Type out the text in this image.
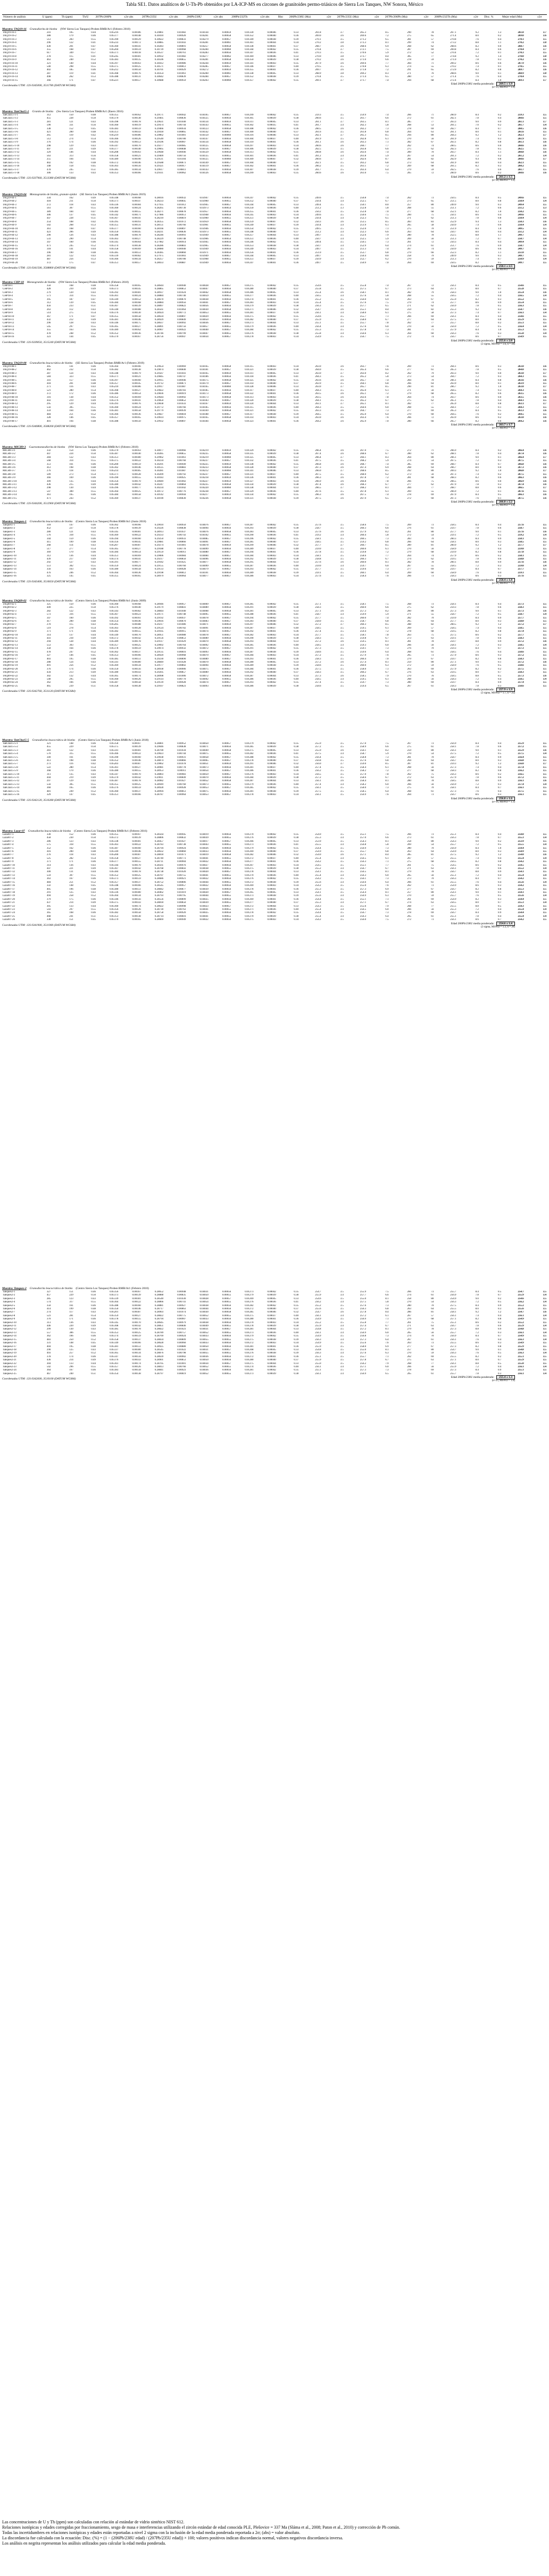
Tabla SE1. Datos analíticos de U-Th-Pb obtenidos por LA-ICP-MS en circones de granitoides permo-triásicos de Sierra Los Tanques, NW Sonora, México
Número de análisis	U (ppm)	Th (ppm)	Th/U	207Pb/206Pb	±2σ abs	207Pb/235U	±2σ abs	206Pb/238U	±2σ abs	208Pb/232Th	±2σ abs	Rho	206Pb/238U (Ma)	±2σ	207Pb/235U (Ma)	±2σ	207Pb/206Pb (Ma)	±2σ	208Pb/232Th (Ma)	±2σ	Disc. %	Mejor edad (Ma)	±2σ
Muestra: TAQ19-16 Granodiorita de biotita (NW Sierra Los Tanques) Proben RMB/Ar1 (Febrero 2018)
TAQ19-16-1	241	105	0.44	0.05216	0.00186	0.29861	0.01082	0.04144	0.00059	0.01330	0.00046	0.33	261.8	3.7	265.3	8.5	290	78	267.1	9.2	1.3	261.8	3.7
TAQ19-16-2	388	179	0.46	0.05177	0.00148	0.30410	0.00920	0.04261	0.00058	0.01352	0.00040	0.36	269.0	3.6	269.6	7.2	275	65	271.4	8.0	0.2	269.0	3.6
TAQ19-16-3	512	283	0.55	0.05190	0.00129	0.30622	0.00833	0.04279	0.00057	0.01349	0.00038	0.39	270.1	3.5	271.2	6.5	281	57	270.8	7.6	0.4	270.1	3.5
TAQ19-16-4	296	122	0.41	0.05233	0.00172	0.30885	0.01043	0.04281	0.00061	0.01361	0.00044	0.34	270.2	3.8	273.3	8.1	299	74	273.2	8.8	1.1	270.2	3.8
TAQ19-16-5	430	201	0.47	0.05160	0.00141	0.30283	0.00891	0.04257	0.00058	0.01338	0.00041	0.37	268.7	3.6	268.6	6.9	268	62	268.6	8.2	0.0	268.7	3.6
TAQ19-16-6	355	168	0.47	0.05204	0.00159	0.30739	0.00968	0.04284	0.00060	0.01344	0.00042	0.35	270.4	3.7	272.1	7.5	287	69	269.8	8.4	0.6	270.4	3.7
TAQ19-16-7	617	349	0.57	0.05171	0.00118	0.30537	0.00761	0.04283	0.00056	0.01347	0.00036	0.41	270.3	3.5	270.6	5.9	272	52	270.4	7.2	0.1	270.3	3.5
TAQ19-16-8	278	115	0.41	0.05245	0.00181	0.30932	0.01082	0.04277	0.00062	0.01369	0.00046	0.33	270.0	3.8	273.7	8.4	305	77	274.8	9.2	1.4	270.0	3.8
TAQ19-16-9	463	240	0.52	0.05183	0.00135	0.30596	0.00855	0.04281	0.00058	0.01350	0.00039	0.38	270.2	3.6	271.0	6.6	278	59	271.0	7.8	0.3	270.2	3.6
TAQ19-16-10	321	140	0.44	0.05197	0.00163	0.30412	0.00986	0.04244	0.00059	0.01341	0.00043	0.35	267.9	3.6	269.6	7.7	284	71	269.2	8.6	0.6	267.9	3.6
TAQ19-16-11	540	298	0.55	0.05175	0.00125	0.30571	0.00812	0.04285	0.00057	0.01346	0.00037	0.40	270.5	3.5	270.8	6.3	274	55	270.2	7.4	0.1	270.5	3.5
TAQ19-16-12	402	185	0.46	0.05212	0.00150	0.30701	0.00929	0.04272	0.00059	0.01355	0.00041	0.36	269.7	3.6	271.8	7.2	291	65	272.0	8.2	0.8	269.7	3.6
TAQ19-16-13	287	119	0.41	0.05168	0.00176	0.30354	0.01061	0.04260	0.00061	0.01338	0.00045	0.33	268.9	3.8	269.2	8.3	271	76	268.6	9.0	0.1	268.9	3.8
TAQ19-16-14	498	262	0.53	0.05188	0.00131	0.30642	0.00839	0.04284	0.00057	0.01352	0.00038	0.39	270.4	3.5	271.4	6.5	280	57	271.4	7.6	0.4	270.4	3.5
TAQ19-16-15	366	171	0.47	0.05221	0.00157	0.30688	0.00959	0.04263	0.00060	0.01357	0.00042	0.35	269.1	3.7	271.7	7.4	294	68	272.4	8.4	1.0	269.1	3.7
Coordenadas UTM: 12S 0345000, 3511700 (DATUM WGS84)
Edad 206Pb/238U media ponderada: 269.5 ± 1.9
(n=15, MSWD = 1.9)
Muestra: TanCha15-1 Granito de biotita (Sw Sierra Los Tanques) Proben RMB/Ar1 (Enero 2016)
TanCha15-1-1	312	150	0.48	0.05155	0.00162	0.29171	0.00942	0.04105	0.00057	0.01299	0.00042	0.35	259.3	3.5	259.9	7.4	266	71	260.9	8.4	0.2	259.3	3.5
TanCha15-1-2	455	228	0.50	0.05170	0.00138	0.29405	0.00836	0.04125	0.00056	0.01305	0.00039	0.38	260.6	3.5	261.7	6.6	272	61	262.1	7.8	0.4	260.6	3.5
TanCha15-1-3	281	121	0.43	0.05198	0.00178	0.29631	0.01040	0.04134	0.00059	0.01311	0.00045	0.33	261.1	3.7	263.5	8.1	285	77	263.3	9.0	0.9	261.1	3.7
TanCha15-1-4	590	331	0.56	0.05160	0.00119	0.29474	0.00744	0.04143	0.00055	0.01302	0.00035	0.41	261.7	3.4	262.3	5.8	268	53	261.5	7.0	0.2	261.7	3.4
TanCha15-1-5	338	152	0.45	0.05183	0.00159	0.29466	0.00934	0.04123	0.00058	0.01308	0.00042	0.36	260.5	3.6	262.2	7.3	278	69	262.7	8.4	0.7	260.5	3.6
TanCha15-1-6	421	200	0.48	0.05151	0.00143	0.29418	0.00865	0.04142	0.00057	0.01300	0.00040	0.37	261.6	3.5	261.8	6.8	264	63	261.1	8.0	0.1	261.6	3.5
TanCha15-1-7	265	110	0.42	0.05219	0.00186	0.29862	0.01081	0.04150	0.00060	0.01316	0.00046	0.33	262.1	3.7	265.3	8.5	294	80	264.3	9.2	1.2	262.1	3.7
TanCha15-1-8	512	274	0.54	0.05166	0.00126	0.29540	0.00780	0.04147	0.00056	0.01304	0.00037	0.40	261.9	3.5	262.8	6.1	270	56	261.9	7.4	0.3	261.9	3.5
TanCha15-1-9	376	174	0.46	0.05192	0.00153	0.29596	0.00907	0.04134	0.00058	0.01310	0.00041	0.36	261.1	3.6	263.3	7.1	282	67	263.1	8.2	0.8	261.1	3.6
TanCha15-1-10	298	129	0.43	0.05147	0.00170	0.29277	0.00985	0.04125	0.00058	0.01297	0.00043	0.34	260.6	3.6	260.7	7.7	262	74	260.5	8.6	0.0	260.6	3.6
TanCha15-1-11	447	221	0.49	0.05177	0.00140	0.29665	0.00848	0.04156	0.00057	0.01306	0.00039	0.38	262.5	3.5	263.8	6.6	275	62	262.3	7.8	0.5	262.5	3.5
TanCha15-1-12	329	146	0.44	0.05208	0.00163	0.29648	0.00946	0.04129	0.00058	0.01313	0.00042	0.35	260.8	3.6	263.6	7.4	289	70	263.7	8.4	1.1	260.8	3.6
TanCha15-1-13	563	313	0.56	0.05158	0.00121	0.29409	0.00756	0.04135	0.00055	0.01301	0.00036	0.41	261.2	3.4	261.8	5.9	267	54	261.3	7.2	0.2	261.2	3.4
TanCha15-1-14	255	104	0.41	0.05189	0.00190	0.29511	0.01104	0.04125	0.00060	0.01309	0.00047	0.32	260.6	3.7	262.6	8.7	281	82	262.9	9.4	0.8	260.6	3.7
TanCha15-1-15	402	192	0.48	0.05172	0.00146	0.29588	0.00873	0.04149	0.00057	0.01304	0.00040	0.37	262.1	3.5	263.2	6.8	273	64	261.9	8.0	0.4	262.1	3.5
TanCha15-1-16	348	158	0.45	0.05163	0.00156	0.29321	0.00917	0.04119	0.00057	0.01302	0.00041	0.36	260.2	3.5	261.1	7.2	269	68	261.5	8.2	0.3	260.2	3.5
TanCha15-1-17	478	245	0.51	0.05185	0.00134	0.29617	0.00811	0.04143	0.00056	0.01307	0.00038	0.39	261.7	3.5	263.4	6.4	279	59	262.5	7.6	0.6	261.7	3.5
TanCha15-1-18	306	133	0.43	0.05153	0.00166	0.29311	0.00962	0.04126	0.00058	0.01299	0.00043	0.35	260.6	3.6	261.0	7.5	265	72	260.9	8.6	0.2	260.6	3.6
Coordenadas UTM: 12S 0337960, 3513380 (DATUM WGS84)	Edad 206Pb/238U media ponderada: 261.2 ± 1.5
(n=18, MSWD = 1.2)
Muestra: TAQ19-04 Monzogranito de biotita, granate epidot (SE Sierra Los Tanques) Proben RMB/Ar1 (Junio 2019)
TAQ19-04-1	334	162	0.49	0.05148	0.00168	0.28016	0.00932	0.03947	0.00056	0.01247	0.00042	0.35	249.6	3.5	250.8	7.4	262	73	250.5	8.4	0.5	249.6	3.5
TAQ19-04-2	418	211	0.50	0.05171	0.00147	0.28233	0.00845	0.03960	0.00055	0.01252	0.00040	0.37	250.4	3.4	252.5	6.7	273	65	251.5	8.0	0.8	250.4	3.4
TAQ19-04-3	272	118	0.43	0.05136	0.00184	0.27935	0.01012	0.03945	0.00057	0.01244	0.00045	0.33	249.4	3.5	250.1	8.0	257	80	249.9	9.0	0.3	249.4	3.5
TAQ19-04-4	561	307	0.55	0.05160	0.00124	0.28265	0.00730	0.03973	0.00054	0.01250	0.00036	0.40	251.2	3.3	252.8	5.8	268	55	251.1	7.2	0.6	251.2	3.3
TAQ19-04-5	389	184	0.47	0.05182	0.00155	0.28271	0.00878	0.03957	0.00056	0.01255	0.00041	0.36	250.2	3.5	252.8	7.0	277	68	252.1	8.2	1.0	250.2	3.5
TAQ19-04-6	306	137	0.45	0.05142	0.00171	0.27986	0.00951	0.03948	0.00056	0.01245	0.00043	0.34	249.6	3.5	250.6	7.5	260	75	250.1	8.6	0.4	249.6	3.5
TAQ19-04-7	447	228	0.51	0.05167	0.00141	0.28210	0.00819	0.03960	0.00055	0.01251	0.00039	0.38	250.4	3.4	252.3	6.5	271	62	251.3	7.8	0.8	250.4	3.4
TAQ19-04-8	254	108	0.42	0.05195	0.00193	0.28355	0.01072	0.03959	0.00058	0.01259	0.00047	0.32	250.3	3.6	253.5	8.5	283	83	252.9	9.4	1.3	250.3	3.6
TAQ19-04-9	502	268	0.53	0.05155	0.00131	0.28151	0.00766	0.03961	0.00055	0.01249	0.00037	0.39	250.4	3.4	251.9	6.1	265	58	250.9	7.4	0.6	250.4	3.4
TAQ19-04-10	361	168	0.47	0.05177	0.00160	0.28166	0.00897	0.03946	0.00056	0.01254	0.00042	0.35	249.5	3.5	252.0	7.1	275	70	251.9	8.4	1.0	249.5	3.5
TAQ19-04-11	423	206	0.49	0.05150	0.00145	0.28211	0.00836	0.03973	0.00055	0.01248	0.00040	0.37	251.2	3.4	252.3	6.6	263	64	250.7	8.0	0.4	251.2	3.4
TAQ19-04-12	290	126	0.43	0.05188	0.00178	0.28246	0.00993	0.03949	0.00057	0.01257	0.00044	0.33	249.7	3.5	252.6	7.9	280	78	252.5	8.8	1.1	249.7	3.5
TAQ19-04-13	533	290	0.54	0.05163	0.00127	0.28229	0.00748	0.03966	0.00054	0.01251	0.00036	0.40	250.7	3.4	252.5	5.9	269	56	251.3	7.2	0.7	250.7	3.4
TAQ19-04-14	347	160	0.46	0.05145	0.00164	0.27982	0.00914	0.03945	0.00056	0.01246	0.00042	0.35	249.4	3.5	250.5	7.3	261	72	250.3	8.4	0.4	249.4	3.5
TAQ19-04-15	471	245	0.52	0.05174	0.00138	0.28286	0.00803	0.03965	0.00055	0.01253	0.00038	0.38	250.7	3.4	252.9	6.4	274	61	251.7	7.6	0.9	250.7	3.4
TAQ19-04-16	318	141	0.44	0.05158	0.00169	0.28080	0.00940	0.03949	0.00056	0.01249	0.00043	0.34	249.7	3.5	251.3	7.4	267	74	250.9	8.6	0.6	249.7	3.5
TAQ19-04-17	396	190	0.48	0.05185	0.00151	0.28385	0.00860	0.03971	0.00056	0.01256	0.00041	0.36	251.0	3.5	253.7	6.8	279	66	252.3	8.2	1.1	251.0	3.5
TAQ19-04-18	281	122	0.43	0.05139	0.00182	0.27975	0.01003	0.03949	0.00057	0.01244	0.00045	0.33	249.7	3.5	250.4	8.0	258	79	249.9	9.0	0.3	249.7	3.5
TAQ19-04-19	487	256	0.53	0.05166	0.00134	0.28257	0.00780	0.03968	0.00055	0.01251	0.00037	0.39	250.9	3.4	252.7	6.2	270	59	251.3	7.4	0.7	250.9	3.4
TAQ19-04-20	372	175	0.47	0.05151	0.00157	0.28033	0.00887	0.03949	0.00056	0.01247	0.00041	0.36	249.7	3.5	250.9	7.0	264	69	250.5	8.2	0.5	249.7	3.5
Coordenadas UTM: 12S 0341500, 3508800 (DATUM WGS84)
Edad 206Pb/238U media ponderada: 250.1 ± 2.5
(n=20, MSWD = 1.1)
Muestra: CHP-18 Monzogranito de biotita (NW Sierra Los Tanques) Proben RMB/Ar1 (Febrero 2018)
CHP18-1	350	168	0.48	0.05158	0.00165	0.28644	0.00940	0.04028	0.00057	0.01275	0.00042	0.35	254.6	3.5	255.8	7.4	267	72	256.1	8.4	0.5	254.6	3.5
CHP18-2	428	210	0.49	0.05173	0.00145	0.28865	0.00853	0.04047	0.00056	0.01280	0.00040	0.37	255.8	3.5	257.5	6.7	273	64	257.1	8.0	0.7	255.8	3.5
CHP18-3	279	120	0.43	0.05192	0.00181	0.28937	0.01024	0.04042	0.00058	0.01286	0.00045	0.33	255.4	3.6	258.1	8.1	282	79	258.3	9.0	1.0	255.4	3.6
CHP18-4	571	314	0.55	0.05161	0.00124	0.28884	0.00740	0.04059	0.00055	0.01277	0.00036	0.40	256.5	3.4	257.6	5.8	268	55	256.5	7.2	0.4	256.5	3.4
CHP18-5	395	187	0.47	0.05149	0.00152	0.28670	0.00870	0.04038	0.00056	0.01274	0.00041	0.36	255.2	3.5	256.0	6.9	263	67	255.9	8.2	0.3	255.2	3.5
CHP18-6	312	139	0.45	0.05184	0.00168	0.28884	0.00956	0.04041	0.00057	0.01283	0.00043	0.34	255.4	3.5	257.6	7.5	279	74	257.7	8.6	0.9	255.4	3.5
CHP18-7	456	233	0.51	0.05167	0.00139	0.28897	0.00822	0.04056	0.00056	0.01279	0.00039	0.38	256.3	3.5	257.7	6.5	271	62	256.9	7.8	0.5	256.3	3.5
CHP18-8	263	112	0.43	0.05140	0.00188	0.28561	0.01064	0.04030	0.00058	0.01271	0.00046	0.32	254.7	3.6	255.1	8.4	259	82	255.3	9.2	0.2	254.7	3.6
CHP18-9	514	275	0.54	0.05176	0.00130	0.28924	0.00772	0.04053	0.00055	0.01281	0.00037	0.39	256.1	3.4	258.0	6.1	275	58	257.3	7.4	0.7	256.1	3.4
CHP18-10	367	171	0.47	0.05155	0.00158	0.28634	0.00897	0.04029	0.00056	0.01275	0.00042	0.35	254.6	3.5	255.7	7.1	266	69	256.1	8.4	0.4	254.6	3.5
CHP18-11	432	212	0.49	0.05181	0.00146	0.28929	0.00849	0.04050	0.00056	0.01282	0.00040	0.37	255.9	3.5	258.0	6.7	277	64	257.5	8.0	0.8	255.9	3.5
CHP18-12	296	128	0.43	0.05146	0.00175	0.28637	0.00992	0.04036	0.00057	0.01273	0.00044	0.33	255.1	3.5	255.7	7.8	262	77	255.7	8.8	0.2	255.1	3.5
CHP18-13	545	297	0.55	0.05165	0.00127	0.28891	0.00756	0.04057	0.00055	0.01279	0.00036	0.40	256.4	3.4	257.6	6.0	270	56	256.9	7.2	0.5	256.4	3.4
CHP18-14	355	163	0.46	0.05189	0.00162	0.28907	0.00922	0.04040	0.00057	0.01284	0.00042	0.35	255.3	3.5	257.8	7.3	281	71	257.9	8.4	1.0	255.3	3.5
CHP18-15	478	248	0.52	0.05152	0.00136	0.28746	0.00799	0.04047	0.00055	0.01276	0.00038	0.38	255.8	3.4	256.6	6.3	264	60	256.3	7.6	0.3	255.8	3.4
CHP18-16	323	144	0.45	0.05170	0.00167	0.28756	0.00947	0.04034	0.00057	0.01278	0.00043	0.34	254.9	3.5	256.7	7.5	272	74	256.7	8.6	0.7	254.9	3.5
Coordenadas UTM: 12S 0339050, 3515240 (DATUM WGS84)	Edad 206Pb/238U media ponderada: 255.6 ± 2.0
(2 sigma, MSWD = 1.6, n = 16)
Muestra: TAQ19-08 Granodiorita leucocrática de biotita (SE Sierra Los Tanques) Proben RMB/Ar1 (Febrero 2019)
TAQ19-08-1	305	141	0.46	0.05164	0.00166	0.29654	0.00969	0.04165	0.00058	0.01315	0.00043	0.34	263.0	3.6	263.7	7.6	269	73	264.1	8.6	0.3	263.0	3.6
TAQ19-08-2	462	232	0.50	0.05182	0.00138	0.29874	0.00840	0.04181	0.00057	0.01321	0.00039	0.38	264.0	3.5	265.4	6.6	277	61	265.3	7.8	0.5	264.0	3.5
TAQ19-08-3	287	124	0.43	0.05148	0.00179	0.29567	0.01041	0.04165	0.00059	0.01311	0.00045	0.33	263.0	3.7	263.0	8.2	262	79	263.3	9.0	0.0	263.0	3.7
TAQ19-08-4	584	323	0.55	0.05171	0.00121	0.29845	0.00747	0.04186	0.00056	0.01318	0.00036	0.41	264.3	3.5	265.2	5.8	273	54	264.7	7.2	0.3	264.3	3.5
TAQ19-08-5	341	157	0.46	0.05197	0.00160	0.29915	0.00946	0.04175	0.00058	0.01325	0.00042	0.35	263.6	3.6	265.7	7.4	284	70	266.1	8.4	0.8	263.6	3.6
TAQ19-08-6	418	201	0.48	0.05157	0.00145	0.29712	0.00871	0.04179	0.00057	0.01314	0.00040	0.37	263.9	3.5	264.1	6.8	266	64	263.9	8.0	0.1	263.9	3.5
TAQ19-08-7	271	116	0.43	0.05210	0.00186	0.29917	0.01087	0.04165	0.00060	0.01328	0.00046	0.33	263.0	3.7	265.7	8.5	290	81	266.7	9.2	1.0	263.0	3.7
TAQ19-08-8	521	280	0.54	0.05168	0.00127	0.29822	0.00783	0.04185	0.00056	0.01317	0.00037	0.40	264.3	3.5	265.0	6.1	271	56	264.5	7.4	0.3	264.3	3.5
TAQ19-08-9	372	172	0.46	0.05186	0.00154	0.29836	0.00919	0.04173	0.00058	0.01322	0.00041	0.36	263.5	3.6	265.1	7.2	279	68	265.5	8.2	0.6	263.5	3.6
TAQ19-08-10	316	138	0.44	0.05152	0.00169	0.29644	0.00992	0.04173	0.00058	0.01313	0.00043	0.34	263.5	3.6	263.6	7.8	264	74	263.7	8.6	0.0	263.5	3.6
TAQ19-08-11	443	219	0.49	0.05176	0.00141	0.29850	0.00852	0.04183	0.00057	0.01320	0.00039	0.38	264.1	3.5	265.2	6.7	275	62	265.1	7.8	0.4	264.1	3.5
TAQ19-08-12	295	129	0.44	0.05193	0.00176	0.29838	0.01033	0.04167	0.00059	0.01324	0.00044	0.33	263.1	3.7	265.1	8.1	282	77	265.9	8.8	0.8	263.1	3.7
TAQ19-08-13	556	305	0.55	0.05160	0.00124	0.29772	0.00766	0.04185	0.00056	0.01315	0.00036	0.40	264.3	3.5	264.6	6.0	268	55	264.1	7.2	0.1	264.3	3.5
TAQ19-08-14	359	164	0.46	0.05181	0.00158	0.29779	0.00939	0.04169	0.00058	0.01321	0.00042	0.35	263.3	3.6	264.7	7.3	277	69	265.3	8.4	0.5	263.3	3.6
TAQ19-08-15	484	251	0.52	0.05166	0.00136	0.29827	0.00818	0.04188	0.00057	0.01317	0.00038	0.39	264.5	3.5	265.0	6.4	270	60	264.5	7.6	0.2	264.5	3.5
TAQ19-08-16	328	146	0.45	0.05157	0.00165	0.29614	0.00975	0.04165	0.00058	0.01314	0.00043	0.34	263.0	3.6	263.4	7.6	266	72	263.9	8.6	0.2	263.0	3.6
TAQ19-08-17	401	194	0.48	0.05188	0.00150	0.29932	0.00897	0.04184	0.00058	0.01323	0.00041	0.36	264.2	3.6	265.9	7.0	280	66	265.7	8.2	0.6	264.2	3.6
Coordenadas UTM: 12S 0340800, 3508200 (DATUM WGS84)	Edad 206Pb/238U media ponderada: 263.7 ± 1.7
(n=17, MSWD = 1.3)
Muestra: MICH9-3 Cuarzomonzodiorita de biotita (NW Sierra Los Tanques) Proben RMB/Ar1 (Febrero 2018)
MICH9-3-1	332	154	0.46	0.05170	0.00163	0.30077	0.00966	0.04219	0.00059	0.01329	0.00042	0.35	266.4	3.6	267.0	7.5	272	71	266.9	8.4	0.2	266.4	3.6
MICH9-3-2	447	224	0.50	0.05187	0.00140	0.30285	0.00855	0.04235	0.00058	0.01335	0.00039	0.38	267.4	3.6	268.6	6.7	280	62	268.1	7.8	0.4	267.4	3.6
MICH9-3-3	284	122	0.43	0.05151	0.00180	0.29962	0.01061	0.04219	0.00060	0.01325	0.00045	0.33	266.4	3.7	266.1	8.3	264	80	266.1	9.0	0.1	266.4	3.7
MICH9-3-4	568	314	0.55	0.05175	0.00122	0.30234	0.00760	0.04237	0.00057	0.01332	0.00036	0.41	267.5	3.5	268.2	5.9	274	54	267.5	7.2	0.3	267.5	3.5
MICH9-3-5	351	161	0.46	0.05200	0.00159	0.30291	0.00949	0.04225	0.00059	0.01338	0.00042	0.35	266.8	3.6	268.7	7.4	285	69	268.7	8.4	0.7	266.8	3.6
MICH9-3-6	412	198	0.48	0.05162	0.00146	0.30125	0.00883	0.04233	0.00058	0.01328	0.00040	0.37	267.3	3.6	267.4	6.9	268	64	266.7	8.0	0.0	267.3	3.6
MICH9-3-7	276	118	0.43	0.05214	0.00185	0.30281	0.01087	0.04212	0.00060	0.01341	0.00046	0.33	266.0	3.7	268.6	8.5	292	80	269.3	9.2	1.0	266.0	3.7
MICH9-3-8	509	273	0.54	0.05171	0.00128	0.30209	0.00792	0.04237	0.00057	0.01331	0.00037	0.40	267.5	3.5	268.0	6.2	273	56	267.3	7.4	0.2	267.5	3.5
MICH9-3-9	366	169	0.46	0.05190	0.00155	0.30183	0.00925	0.04218	0.00059	0.01336	0.00041	0.36	266.3	3.6	267.8	7.2	281	68	268.3	8.2	0.6	266.3	3.6
MICH9-3-10	309	135	0.44	0.05156	0.00170	0.30049	0.01002	0.04227	0.00059	0.01327	0.00043	0.34	266.9	3.6	266.8	7.8	266	75	266.5	8.6	0.0	266.9	3.6
MICH9-3-11	436	215	0.49	0.05180	0.00142	0.30247	0.00864	0.04235	0.00058	0.01334	0.00039	0.38	267.4	3.6	268.3	6.7	277	62	267.9	7.8	0.3	267.4	3.6
MICH9-3-12	298	130	0.44	0.05196	0.00177	0.30234	0.01042	0.04220	0.00060	0.01338	0.00044	0.33	266.5	3.7	268.2	8.1	284	77	268.7	8.8	0.6	266.5	3.7
MICH9-3-13	547	300	0.55	0.05164	0.00125	0.30172	0.00776	0.04238	0.00057	0.01329	0.00036	0.40	267.6	3.5	267.8	6.1	269	55	266.9	7.2	0.1	267.6	3.5
MICH9-3-14	361	165	0.46	0.05184	0.00158	0.30142	0.00944	0.04217	0.00059	0.01334	0.00042	0.35	266.3	3.6	267.5	7.4	278	69	267.9	8.4	0.5	266.3	3.6
MICH9-3-15	471	243	0.52	0.05169	0.00137	0.30190	0.00830	0.04236	0.00058	0.01331	0.00038	0.39	267.5	3.6	267.9	6.5	272	60	267.3	7.6	0.1	267.5	3.6
Coordenadas UTM: 12S 0344200, 3512900 (DATUM WGS84)
Edad 206Pb/238U media ponderada: 266.8 ± 2.2
(n=15, MSWD = 1.4)
Muestra: Tanques-1 Granodiorita leucocrática de biotita (Centro Sierra Los Tanques) Proben RMB/Ar1 (Junio 2018)
Tanques1-1	318	147	0.46	0.05162	0.00166	0.29010	0.00950	0.04076	0.00057	0.01287	0.00042	0.35	257.6	3.5	258.6	7.5	269	73	258.5	8.4	0.4	257.6	3.5
Tanques1-2	452	227	0.50	0.05178	0.00139	0.29226	0.00838	0.04094	0.00056	0.01293	0.00039	0.38	258.7	3.5	260.3	6.6	276	61	259.7	7.8	0.6	258.7	3.5
Tanques1-3	280	121	0.43	0.05145	0.00181	0.28913	0.01037	0.04076	0.00058	0.01283	0.00045	0.33	257.6	3.6	257.9	8.2	261	80	257.7	9.0	0.1	257.6	3.6
Tanques1-4	576	318	0.55	0.05169	0.00122	0.29233	0.00743	0.04102	0.00055	0.01290	0.00036	0.41	259.2	3.4	260.4	5.8	272	54	259.1	7.2	0.5	259.2	3.4
Tanques1-5	344	159	0.46	0.05194	0.00160	0.29250	0.00933	0.04085	0.00057	0.01296	0.00042	0.35	258.1	3.5	260.5	7.3	283	70	260.3	8.4	0.9	258.1	3.5
Tanques1-6	415	199	0.48	0.05156	0.00145	0.29081	0.00866	0.04091	0.00057	0.01285	0.00040	0.37	258.5	3.5	259.2	6.8	266	64	258.1	8.0	0.3	258.5	3.5
Tanques1-7	268	114	0.43	0.05207	0.00187	0.29274	0.01081	0.04078	0.00059	0.01299	0.00046	0.32	257.7	3.7	260.7	8.5	289	81	260.9	9.2	1.2	257.7	3.7
Tanques1-8	517	277	0.54	0.05165	0.00127	0.29188	0.00778	0.04099	0.00056	0.01289	0.00037	0.40	259.0	3.5	260.0	6.1	270	56	258.9	7.4	0.4	259.0	3.5
Tanques1-9	369	170	0.46	0.05184	0.00154	0.29159	0.00911	0.04080	0.00057	0.01294	0.00041	0.36	257.8	3.5	259.8	7.2	279	68	259.9	8.2	0.8	257.8	3.5
Tanques1-10	312	136	0.44	0.05151	0.00169	0.29006	0.00984	0.04084	0.00057	0.01284	0.00043	0.34	258.1	3.5	258.6	7.7	264	74	257.9	8.6	0.2	258.1	3.5
Tanques1-11	439	217	0.49	0.05174	0.00141	0.29217	0.00850	0.04096	0.00056	0.01292	0.00039	0.38	258.8	3.5	260.3	6.7	274	62	259.5	7.8	0.6	258.8	3.5
Tanques1-12	292	127	0.43	0.05191	0.00177	0.29182	0.01025	0.04077	0.00058	0.01295	0.00044	0.33	257.6	3.6	260.0	8.1	282	78	260.1	8.8	0.9	257.6	3.6
Tanques1-13	551	302	0.55	0.05159	0.00124	0.29155	0.00760	0.04099	0.00055	0.01287	0.00036	0.40	259.0	3.4	259.7	6.0	267	55	258.5	7.2	0.3	259.0	3.4
Tanques1-14	356	163	0.46	0.05180	0.00158	0.29133	0.00928	0.04079	0.00057	0.01293	0.00042	0.35	257.7	3.5	259.6	7.3	277	69	259.7	8.4	0.7	257.7	3.5
Tanques1-15	476	246	0.52	0.05164	0.00136	0.29198	0.00812	0.04101	0.00056	0.01289	0.00038	0.39	259.1	3.5	260.1	6.4	269	60	258.9	7.6	0.4	259.1	3.5
Tanques1-16	325	145	0.45	0.05155	0.00165	0.28979	0.00964	0.04077	0.00057	0.01286	0.00043	0.34	257.6	3.5	258.4	7.6	266	73	258.3	8.6	0.3	257.6	3.5
Coordenadas UTM: 12S 0343400, 3510650 (DATUM WGS84)	Edad 206Pb/238U media ponderada: 258.4 ± 1.8
(n=16, MSWD = 1.2)
Muestra: TAQ09-02 Granodiorita leucocrática de biotita (Centro Sierra Los Tanques) Proben RMB/Ar1 (Junio 2009)
TAQ09-02-1	325	150	0.46	0.05160	0.00168	0.28946	0.00957	0.04069	0.00057	0.01285	0.00042	0.35	257.1	3.5	258.1	7.5	268	73	258.1	8.4	0.4	257.1	3.5
TAQ09-02-2	449	225	0.50	0.05176	0.00140	0.29179	0.00841	0.04089	0.00056	0.01291	0.00039	0.38	258.3	3.5	260.0	6.6	275	62	259.3	7.8	0.6	258.3	3.5
TAQ09-02-3	282	122	0.43	0.05143	0.00182	0.28844	0.01040	0.04068	0.00058	0.01281	0.00045	0.33	257.1	3.6	257.3	8.2	260	80	257.3	9.0	0.1	257.1	3.6
TAQ09-02-4	573	316	0.55	0.05167	0.00123	0.29171	0.00748	0.04095	0.00055	0.01288	0.00036	0.41	258.7	3.4	259.9	5.9	271	55	258.7	7.2	0.5	258.7	3.4
TAQ09-02-5	347	160	0.46	0.05192	0.00161	0.29192	0.00937	0.04078	0.00057	0.01294	0.00042	0.35	257.7	3.5	260.0	7.4	282	70	259.9	8.4	0.9	257.7	3.5
TAQ09-02-6	417	200	0.48	0.05154	0.00146	0.29016	0.00870	0.04083	0.00057	0.01283	0.00040	0.37	258.0	3.5	258.7	6.8	265	64	257.7	8.0	0.3	258.0	3.5
TAQ09-02-7	270	115	0.43	0.05205	0.00188	0.29217	0.01086	0.04071	0.00059	0.01297	0.00046	0.32	257.2	3.7	260.3	8.5	288	82	260.5	9.2	1.2	257.2	3.7
TAQ09-02-8	519	278	0.54	0.05163	0.00128	0.29124	0.00782	0.04091	0.00056	0.01287	0.00037	0.40	258.5	3.5	259.5	6.1	269	57	258.5	7.4	0.4	258.5	3.5
TAQ09-02-9	371	171	0.46	0.05182	0.00155	0.29105	0.00915	0.04074	0.00057	0.01292	0.00041	0.36	257.4	3.5	259.4	7.2	278	68	259.5	8.2	0.8	257.4	3.5
TAQ09-02-10	314	137	0.44	0.05149	0.00170	0.28951	0.00988	0.04078	0.00057	0.01282	0.00043	0.34	257.7	3.5	258.1	7.8	263	75	257.5	8.6	0.2	257.7	3.5
TAQ09-02-11	441	218	0.49	0.05172	0.00142	0.29156	0.00853	0.04089	0.00056	0.01290	0.00039	0.38	258.3	3.5	259.8	6.7	273	63	259.1	7.8	0.6	258.3	3.5
TAQ09-02-12	294	128	0.44	0.05189	0.00178	0.29117	0.01029	0.04070	0.00058	0.01293	0.00044	0.33	257.2	3.6	259.5	8.1	281	78	259.7	8.8	0.9	257.2	3.6
TAQ09-02-13	553	303	0.55	0.05157	0.00125	0.29092	0.00764	0.04092	0.00055	0.01285	0.00036	0.40	258.5	3.4	259.3	6.0	266	56	258.1	7.2	0.3	258.5	3.4
TAQ09-02-14	358	164	0.46	0.05178	0.00159	0.29074	0.00932	0.04072	0.00057	0.01291	0.00042	0.35	257.3	3.5	259.1	7.3	276	70	259.3	8.4	0.7	257.3	3.5
TAQ09-02-15	478	247	0.52	0.05162	0.00137	0.29135	0.00816	0.04093	0.00056	0.01287	0.00038	0.39	258.6	3.5	259.6	6.4	268	61	258.5	7.6	0.4	258.6	3.5
TAQ09-02-16	327	146	0.45	0.05153	0.00166	0.28920	0.00968	0.04070	0.00057	0.01284	0.00043	0.34	257.2	3.5	257.9	7.6	265	73	257.9	8.6	0.3	257.2	3.5
TAQ09-02-17	403	195	0.48	0.05185	0.00151	0.29230	0.00890	0.04089	0.00057	0.01293	0.00041	0.36	258.3	3.5	260.4	7.0	279	67	259.7	8.2	0.8	258.3	3.5
TAQ09-02-18	288	124	0.43	0.05141	0.00180	0.28849	0.01028	0.04070	0.00058	0.01280	0.00045	0.33	257.2	3.6	257.4	8.1	259	80	257.1	9.0	0.1	257.2	3.6
TAQ09-02-19	491	256	0.52	0.05169	0.00134	0.29177	0.00802	0.04094	0.00056	0.01289	0.00038	0.39	258.6	3.5	260.0	6.3	272	59	258.9	7.6	0.5	258.6	3.5
TAQ09-02-20	376	174	0.46	0.05150	0.00156	0.28938	0.00906	0.04075	0.00057	0.01284	0.00041	0.36	257.5	3.5	258.0	7.1	263	69	257.9	8.2	0.2	257.5	3.5
TAQ09-02-21	434	213	0.49	0.05180	0.00143	0.29205	0.00857	0.04089	0.00056	0.01292	0.00040	0.37	258.3	3.5	260.2	6.7	276	63	259.5	8.0	0.7	258.3	3.5
TAQ09-02-22	302	132	0.44	0.05165	0.00174	0.28998	0.01006	0.04072	0.00058	0.01287	0.00044	0.33	257.3	3.6	258.5	7.9	270	76	258.5	8.8	0.5	257.3	3.6
TAQ09-02-23	540	295	0.55	0.05160	0.00126	0.29114	0.00770	0.04092	0.00055	0.01286	0.00036	0.40	258.5	3.4	259.5	6.1	268	56	258.3	7.2	0.4	258.5	3.4
TAQ09-02-24	362	166	0.46	0.05187	0.00158	0.29139	0.00928	0.04074	0.00057	0.01293	0.00042	0.35	257.4	3.5	259.7	7.3	280	69	259.7	8.4	0.9	257.4	3.5
TAQ09-02-25	465	239	0.51	0.05158	0.00138	0.29107	0.00823	0.04093	0.00056	0.01286	0.00039	0.38	258.6	3.5	259.4	6.5	267	61	258.3	7.8	0.3	258.6	3.5
Coordenadas UTM: 12S 0342760, 3511120 (DATUM WGS84)
Edad 206Pb/238U media ponderada: 257.9 ± 1.9
(2 sigma, MSWD = 1.7, n = 25)
Muestra: TanCha15-5 Granodiorita leucocrática de biotita (Centro Sierra Los Tanques) Proben RMB/Ar1 (Junio 2018)
TanCha15-5-1	321	148	0.46	0.05158	0.00167	0.28801	0.00952	0.04050	0.00057	0.01279	0.00042	0.35	255.9	3.5	257.0	7.5	267	73	256.9	8.4	0.4	255.9	3.5
TanCha15-5-2	455	229	0.50	0.05175	0.00139	0.29046	0.00838	0.04071	0.00056	0.01285	0.00039	0.38	257.2	3.5	258.9	6.6	275	61	258.1	7.8	0.6	257.2	3.5
TanCha15-5-3	283	122	0.43	0.05141	0.00181	0.28700	0.01034	0.04049	0.00058	0.01275	0.00045	0.33	255.9	3.6	256.1	8.2	259	80	256.1	9.0	0.1	255.9	3.6
TanCha15-5-4	570	315	0.55	0.05166	0.00122	0.29023	0.00744	0.04075	0.00055	0.01282	0.00036	0.41	257.5	3.4	258.7	5.9	270	54	257.5	7.2	0.5	257.5	3.4
TanCha15-5-5	349	161	0.46	0.05190	0.00160	0.29038	0.00931	0.04058	0.00057	0.01288	0.00042	0.35	256.4	3.5	258.8	7.3	281	70	258.7	8.4	0.9	256.4	3.5
TanCha15-5-6	413	198	0.48	0.05152	0.00146	0.28874	0.00866	0.04065	0.00057	0.01278	0.00040	0.37	256.8	3.5	257.6	6.8	264	64	256.7	8.0	0.3	256.8	3.5
TanCha15-5-7	273	116	0.42	0.05203	0.00187	0.29062	0.01078	0.04051	0.00059	0.01291	0.00046	0.32	256.0	3.7	259.0	8.5	287	81	259.3	9.2	1.2	256.0	3.7
TanCha15-5-8	522	280	0.54	0.05161	0.00127	0.28981	0.00778	0.04073	0.00056	0.01281	0.00037	0.40	257.4	3.5	258.4	6.1	268	56	257.3	7.4	0.4	257.4	3.5
TanCha15-5-9	368	170	0.46	0.05180	0.00155	0.28953	0.00911	0.04054	0.00057	0.01286	0.00041	0.36	256.2	3.5	258.2	7.2	277	68	258.3	8.2	0.8	256.2	3.5
TanCha15-5-10	311	135	0.43	0.05147	0.00170	0.28803	0.00983	0.04059	0.00057	0.01276	0.00043	0.34	256.5	3.5	257.0	7.8	262	75	256.3	8.6	0.2	256.5	3.5
TanCha15-5-11	444	219	0.49	0.05170	0.00142	0.29011	0.00849	0.04070	0.00056	0.01284	0.00039	0.38	257.2	3.5	258.6	6.7	272	63	257.9	7.8	0.6	257.2	3.5
TanCha15-5-12	297	129	0.43	0.05187	0.00178	0.28982	0.01027	0.04052	0.00058	0.01287	0.00044	0.33	256.1	3.6	258.4	8.1	280	78	258.5	8.8	0.9	256.1	3.6
TanCha15-5-13	556	305	0.55	0.05155	0.00125	0.28949	0.00760	0.04073	0.00055	0.01279	0.00036	0.40	257.4	3.4	258.2	6.0	266	56	256.9	7.2	0.3	257.4	3.4
TanCha15-5-14	360	165	0.46	0.05176	0.00159	0.28928	0.00928	0.04053	0.00057	0.01285	0.00042	0.35	256.1	3.5	258.0	7.3	275	70	258.1	8.4	0.7	256.1	3.5
TanCha15-5-15	481	249	0.52	0.05160	0.00137	0.28994	0.00812	0.04075	0.00056	0.01281	0.00038	0.39	257.5	3.5	258.5	6.4	268	61	257.3	7.6	0.4	257.5	3.5
TanCha15-5-16	329	147	0.45	0.05151	0.00166	0.28787	0.00964	0.04053	0.00057	0.01278	0.00043	0.34	256.1	3.5	256.9	7.6	264	73	256.7	8.6	0.3	256.1	3.5
Coordenadas UTM: 12S 0342120, 3510280 (DATUM WGS84)	Edad 206Pb/238U media ponderada: 256.8 ± 1.6
(n=16, MSWD = 1.1)
Muestra: Lazar-07 Granodiorita leucocrática de biotita (Centro Sierra Los Tanques) Proben RMB/Ar1 (Febrero 2016)
Lazar07-1	330	152	0.46	0.05155	0.00167	0.28564	0.00945	0.04019	0.00056	0.01270	0.00042	0.35	254.0	3.5	255.1	7.5	266	73	255.1	8.4	0.4	254.0	3.5
Lazar07-2	458	230	0.50	0.05172	0.00139	0.28806	0.00832	0.04039	0.00055	0.01276	0.00039	0.38	255.3	3.4	257.0	6.6	273	61	256.3	7.8	0.7	255.3	3.4
Lazar07-3	286	123	0.43	0.05138	0.00181	0.28457	0.01027	0.04017	0.00057	0.01266	0.00045	0.33	253.9	3.5	254.3	8.1	258	80	254.3	9.0	0.2	253.9	3.5
Lazar07-4	575	318	0.55	0.05163	0.00122	0.28783	0.00738	0.04043	0.00055	0.01273	0.00036	0.41	255.5	3.4	256.8	5.8	269	54	255.7	7.2	0.5	255.5	3.4
Lazar07-5	352	162	0.46	0.05187	0.00160	0.28794	0.00924	0.04026	0.00056	0.01279	0.00042	0.35	254.4	3.5	256.9	7.3	280	70	256.9	8.4	1.0	254.4	3.5
Lazar07-6	416	200	0.48	0.05149	0.00146	0.28632	0.00860	0.04033	0.00056	0.01269	0.00040	0.37	254.9	3.5	255.7	6.8	263	64	254.9	8.0	0.3	254.9	3.5
Lazar07-7	276	118	0.43	0.05200	0.00187	0.28818	0.01071	0.04019	0.00058	0.01282	0.00046	0.32	254.0	3.6	257.1	8.4	285	81	257.5	9.2	1.2	254.0	3.6
Lazar07-8	525	282	0.54	0.05158	0.00127	0.28740	0.00773	0.04041	0.00055	0.01272	0.00037	0.40	255.4	3.4	256.5	6.1	267	57	255.5	7.4	0.4	255.4	3.4
Lazar07-9	371	171	0.46	0.05177	0.00155	0.28711	0.00904	0.04022	0.00056	0.01277	0.00041	0.36	254.2	3.5	256.3	7.1	275	68	256.5	8.2	0.8	254.2	3.5
Lazar07-10	314	136	0.43	0.05144	0.00170	0.28561	0.00976	0.04027	0.00056	0.01267	0.00043	0.34	254.5	3.5	255.1	7.7	261	75	254.5	8.6	0.2	254.5	3.5
Lazar07-11	447	221	0.49	0.05167	0.00142	0.28768	0.00843	0.04038	0.00055	0.01275	0.00039	0.38	255.2	3.4	256.7	6.7	271	63	256.1	7.8	0.6	255.2	3.4
Lazar07-12	300	131	0.44	0.05184	0.00178	0.28738	0.01020	0.04020	0.00057	0.01278	0.00044	0.33	254.1	3.5	256.5	8.1	279	78	256.7	8.8	0.9	254.1	3.5
Lazar07-13	559	307	0.55	0.05152	0.00125	0.28707	0.00755	0.04041	0.00055	0.01270	0.00036	0.40	255.4	3.4	256.3	6.0	265	56	255.1	7.2	0.4	255.4	3.4
Lazar07-14	363	167	0.46	0.05173	0.00159	0.28686	0.00921	0.04022	0.00056	0.01276	0.00042	0.35	254.2	3.5	256.1	7.3	273	70	256.3	8.4	0.7	254.2	3.5
Lazar07-15	484	251	0.52	0.05157	0.00137	0.28752	0.00806	0.04044	0.00055	0.01272	0.00038	0.39	255.6	3.4	256.6	6.4	266	61	255.5	7.6	0.4	255.6	3.4
Lazar07-16	332	148	0.45	0.05148	0.00166	0.28545	0.00957	0.04022	0.00056	0.01269	0.00043	0.34	254.2	3.5	255.0	7.6	262	73	254.9	8.6	0.3	254.2	3.5
Lazar07-17	405	196	0.48	0.05180	0.00151	0.28842	0.00877	0.04039	0.00056	0.01278	0.00041	0.36	255.3	3.5	257.3	6.9	277	67	256.7	8.2	0.8	255.3	3.5
Lazar07-18	291	125	0.43	0.05136	0.00180	0.28462	0.01019	0.04020	0.00057	0.01265	0.00045	0.33	254.1	3.5	254.4	8.1	257	80	254.1	9.0	0.1	254.1	3.5
Lazar07-19	494	258	0.52	0.05164	0.00134	0.28793	0.00795	0.04044	0.00055	0.01273	0.00038	0.39	255.6	3.4	256.9	6.3	270	59	255.7	7.6	0.5	255.6	3.4
Lazar07-20	379	175	0.46	0.05146	0.00156	0.28556	0.00899	0.04025	0.00056	0.01269	0.00041	0.36	254.4	3.5	255.1	7.1	261	69	254.9	8.2	0.3	254.4	3.5
Lazar07-21	437	214	0.49	0.05175	0.00143	0.28818	0.00850	0.04039	0.00055	0.01277	0.00040	0.37	255.3	3.4	257.1	6.7	274	63	256.5	8.0	0.7	255.3	3.4
Lazar07-22	305	133	0.44	0.05160	0.00174	0.28622	0.00998	0.04023	0.00057	0.01272	0.00044	0.33	254.3	3.5	255.6	7.9	268	77	255.5	8.8	0.5	254.3	3.5
Lazar07-23	543	297	0.55	0.05156	0.00126	0.28730	0.00763	0.04041	0.00055	0.01271	0.00036	0.40	255.4	3.4	256.5	6.0	266	56	255.3	7.2	0.4	255.4	3.4
Lazar07-24	365	168	0.46	0.05182	0.00158	0.28758	0.00920	0.04025	0.00056	0.01278	0.00042	0.35	254.4	3.5	256.7	7.3	278	69	256.7	8.4	0.9	254.4	3.5
Lazar07-25	468	241	0.51	0.05153	0.00138	0.28714	0.00816	0.04041	0.00055	0.01270	0.00039	0.38	255.4	3.4	256.3	6.4	265	61	255.1	7.8	0.4	255.4	3.4
Lazar07-26	338	151	0.45	0.05170	0.00165	0.28669	0.00949	0.04022	0.00056	0.01275	0.00043	0.34	254.2	3.5	256.0	7.5	272	73	256.1	8.6	0.7	254.2	3.5
Coordenadas UTM: 12S 0341900, 3511900 (DATUM WGS84)	Edad 206Pb/238U media ponderada: 254.6 ± 1.4
(2 sigma, MSWD = 1.3, n = 26)
Muestra: Tanques-2 Granodiorita leucocrática de biotita (Centro Sierra Los Tanques) Proben RMB/Ar1 (Febrero 2018)
Tanques2-1	327	151	0.46	0.05156	0.00167	0.28652	0.00948	0.04031	0.00056	0.01273	0.00042	0.35	254.7	3.5	255.9	7.5	266	73	255.7	8.4	0.5	254.7	3.5
Tanques2-2	457	229	0.50	0.05173	0.00139	0.28888	0.00835	0.04050	0.00055	0.01279	0.00039	0.38	255.9	3.4	257.7	6.6	274	61	256.9	7.8	0.7	255.9	3.4
Tanques2-3	285	123	0.43	0.05139	0.00181	0.28540	0.01030	0.04028	0.00057	0.01269	0.00045	0.33	254.6	3.5	255.0	8.1	258	80	254.9	9.0	0.2	254.6	3.5
Tanques2-4	574	317	0.55	0.05164	0.00122	0.28866	0.00741	0.04054	0.00055	0.01276	0.00036	0.41	256.2	3.4	257.5	5.8	270	54	256.3	7.2	0.5	256.2	3.4
Tanques2-5	350	161	0.46	0.05188	0.00160	0.28881	0.00927	0.04038	0.00056	0.01282	0.00042	0.35	255.2	3.5	257.6	7.3	280	70	257.5	8.4	0.9	255.2	3.5
Tanques2-6	414	199	0.48	0.05150	0.00146	0.28717	0.00863	0.04044	0.00056	0.01272	0.00040	0.37	255.6	3.5	256.3	6.8	263	64	255.5	8.0	0.3	255.6	3.5
Tanques2-7	274	117	0.43	0.05201	0.00187	0.28903	0.01074	0.04030	0.00058	0.01285	0.00046	0.32	254.7	3.6	257.8	8.4	286	81	258.1	9.2	1.2	254.7	3.6
Tanques2-8	523	281	0.54	0.05159	0.00127	0.28822	0.00775	0.04052	0.00055	0.01275	0.00037	0.40	256.1	3.4	257.2	6.1	267	57	256.1	7.4	0.4	256.1	3.4
Tanques2-9	370	171	0.46	0.05178	0.00155	0.28794	0.00907	0.04033	0.00056	0.01280	0.00041	0.36	254.9	3.5	256.9	7.1	276	68	257.1	8.2	0.8	254.9	3.5
Tanques2-10	313	136	0.43	0.05145	0.00170	0.28645	0.00979	0.04038	0.00056	0.01270	0.00043	0.34	255.2	3.5	255.8	7.7	261	75	255.1	8.6	0.2	255.2	3.5
Tanques2-11	446	220	0.49	0.05168	0.00142	0.28851	0.00846	0.04049	0.00055	0.01278	0.00039	0.38	255.9	3.4	257.4	6.7	271	63	256.7	7.8	0.6	255.9	3.4
Tanques2-12	299	130	0.43	0.05185	0.00178	0.28822	0.01023	0.04031	0.00057	0.01281	0.00044	0.33	254.8	3.5	257.2	8.1	279	78	257.3	8.8	0.9	254.8	3.5
Tanques2-13	557	306	0.55	0.05153	0.00125	0.28789	0.00757	0.04052	0.00055	0.01273	0.00036	0.40	256.1	3.4	256.9	6.0	265	56	255.7	7.2	0.3	256.1	3.4
Tanques2-14	362	166	0.46	0.05174	0.00159	0.28769	0.00924	0.04033	0.00056	0.01279	0.00042	0.35	254.9	3.5	256.8	7.3	274	70	256.9	8.4	0.7	254.9	3.5
Tanques2-15	483	250	0.52	0.05158	0.00137	0.28834	0.00809	0.04055	0.00055	0.01275	0.00038	0.39	256.3	3.4	257.3	6.4	267	61	256.1	7.6	0.4	256.3	3.4
Tanques2-16	331	148	0.45	0.05149	0.00166	0.28628	0.00960	0.04033	0.00056	0.01272	0.00043	0.34	254.9	3.5	255.6	7.6	263	73	255.5	8.6	0.3	254.9	3.5
Tanques2-17	404	195	0.48	0.05181	0.00151	0.28925	0.00880	0.04050	0.00056	0.01281	0.00041	0.36	255.9	3.5	258.0	6.9	277	67	257.3	8.2	0.8	255.9	3.5
Tanques2-18	290	125	0.43	0.05137	0.00180	0.28545	0.01022	0.04031	0.00057	0.01268	0.00045	0.33	254.8	3.5	255.0	8.1	257	80	254.7	9.0	0.1	254.8	3.5
Tanques2-19	493	257	0.52	0.05165	0.00134	0.28876	0.00798	0.04055	0.00055	0.01276	0.00038	0.39	256.3	3.4	257.6	6.3	270	59	256.3	7.6	0.5	256.3	3.4
Tanques2-20	378	174	0.46	0.05147	0.00156	0.28639	0.00902	0.04036	0.00056	0.01272	0.00041	0.36	255.1	3.5	255.7	7.1	262	69	255.5	8.2	0.2	255.1	3.5
Tanques2-21	436	214	0.49	0.05176	0.00143	0.28901	0.00853	0.04050	0.00056	0.01280	0.00040	0.37	255.9	3.5	257.8	6.7	275	63	257.1	8.0	0.7	255.9	3.5
Tanques2-22	304	133	0.44	0.05161	0.00174	0.28705	0.01001	0.04034	0.00057	0.01275	0.00044	0.33	255.0	3.5	256.2	7.9	268	77	256.1	8.8	0.5	255.0	3.5
Tanques2-23	542	296	0.55	0.05157	0.00126	0.28813	0.00766	0.04052	0.00055	0.01274	0.00036	0.40	256.1	3.4	257.1	6.0	266	56	255.9	7.2	0.4	256.1	3.4
Tanques2-24	364	167	0.46	0.05183	0.00158	0.28841	0.00923	0.04036	0.00056	0.01281	0.00042	0.35	255.1	3.5	257.3	7.3	278	69	257.3	8.4	0.9	255.1	3.5
Tanques2-25	467	240	0.51	0.05154	0.00138	0.28797	0.00819	0.04052	0.00055	0.01273	0.00039	0.38	256.1	3.4	256.9	6.5	265	61	255.7	7.8	0.3	256.1	3.4
Coordenadas UTM: 12S 0342600, 3510100 (DATUM WGS84)
Edad 206Pb/238U media ponderada: 255.4 ± 1.3
(n=25, MSWD = 1.0)

Las concentraciones de U y Th (ppm) son calculadas con relación al estándar de vidrio sintético NIST 612.

Relaciones isotópicas y edades corregidas por fraccionamiento, sesgo de masa e interferencias utilizando el zircón estándar de edad conocida PLE, Plešovice = 337 Ma (Sláma et al., 2008; Paton et al., 2010) y corrección de Pb común.

Todas las incertidumbres en relaciones isotópicas y edades están reportadas a nivel 2 sigma con la inclusión de la edad media ponderada reportada a 2σ; (abs) = valor absoluto.

La discordancia fue calculada con la ecuación: Disc. (%) = (1 − (206Pb/238U edad) / (207Pb/235U edad)) × 100; valores positivos indican discordancia normal, valores negativos discordancia inversa.

Los análisis en negrita representan los análisis utilizados para calcular la edad media ponderada.
